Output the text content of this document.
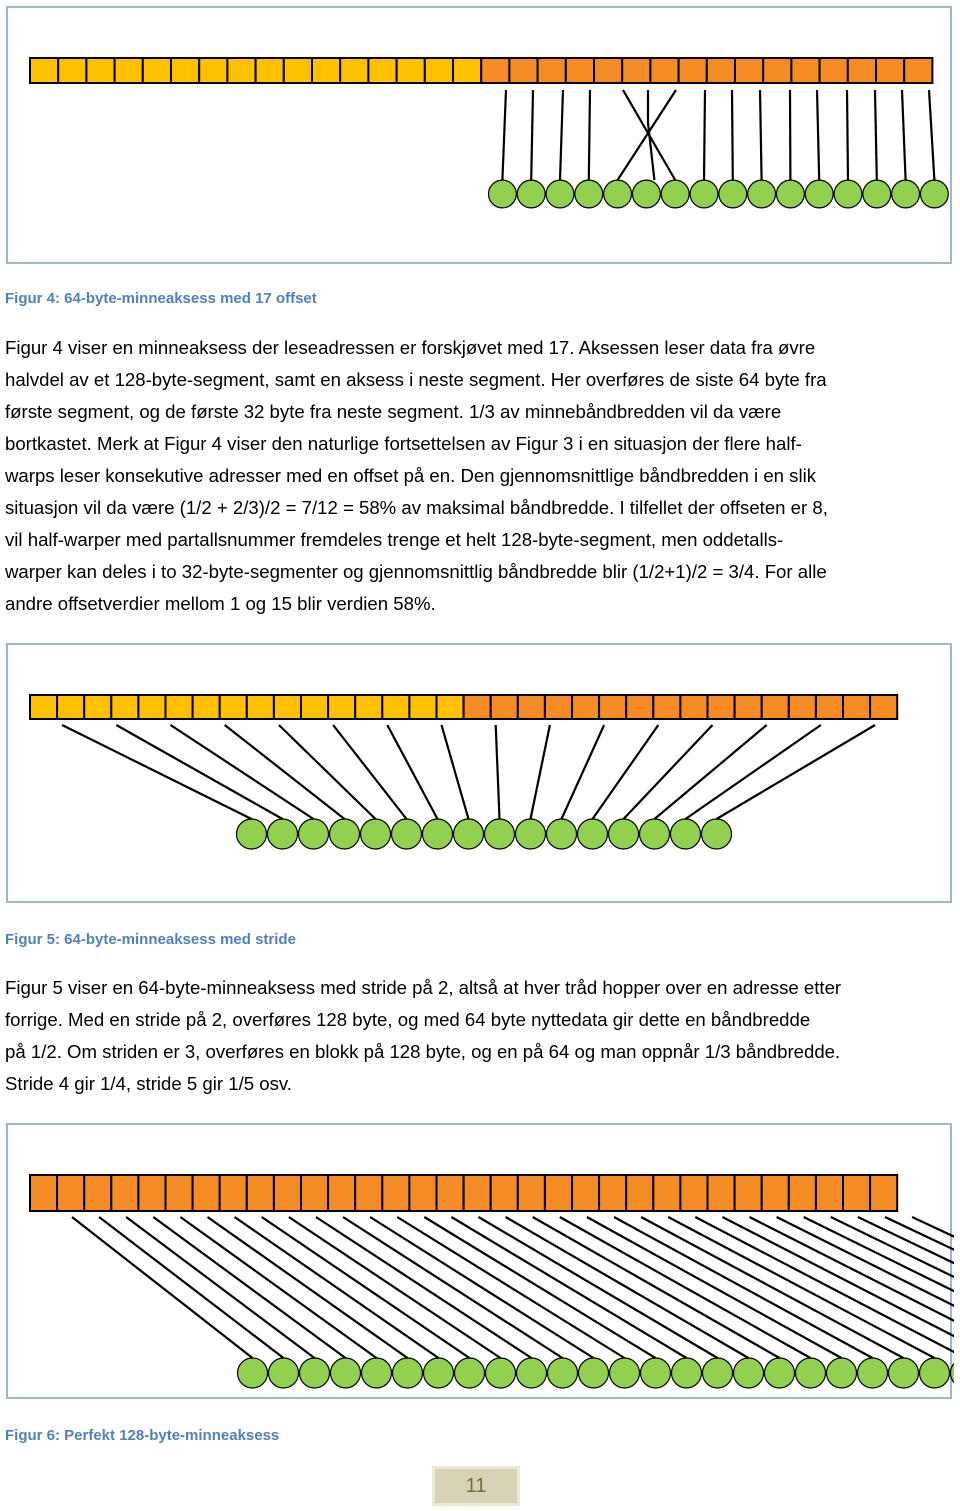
Figur 4: 64-byte-minneaksess med 17 offset
Figur 4 viser en minneaksess der leseadressen er forskjøvet med 17. Aksessen leser data fra øvre
halvdel av et 128-byte-segment, samt en aksess i neste segment. Her overføres de siste 64 byte fra
første segment, og de første 32 byte fra neste segment. 1/3 av minnebåndbredden vil da være
bortkastet. Merk at Figur 4 viser den naturlige fortsettelsen av Figur 3 i en situasjon der flere half-
warps leser konsekutive adresser med en offset på en. Den gjennomsnittlige båndbredden i en slik
situasjon vil da være (1/2 + 2/3)/2 = 7/12 = 58% av maksimal båndbredde. I tilfellet der offseten er 8,
vil half-warper med partallsnummer fremdeles trenge et helt 128-byte-segment, men oddetalls-
warper kan deles i to 32-byte-segmenter og gjennomsnittlig båndbredde blir (1/2+1)/2 = 3/4. For alle
andre offsetverdier mellom 1 og 15 blir verdien 58%.
Figur 5: 64-byte-minneaksess med stride
Figur 5 viser en 64-byte-minneaksess med stride på 2, altså at hver tråd hopper over en adresse etter
forrige. Med en stride på 2, overføres 128 byte, og med 64 byte nyttedata gir dette en båndbredde
på 1/2. Om striden er 3, overføres en blokk på 128 byte, og en på 64 og man oppnår 1/3 båndbredde.
Stride 4 gir 1/4, stride 5 gir 1/5 osv.
Figur 6: Perfekt 128-byte-minneaksess
11
